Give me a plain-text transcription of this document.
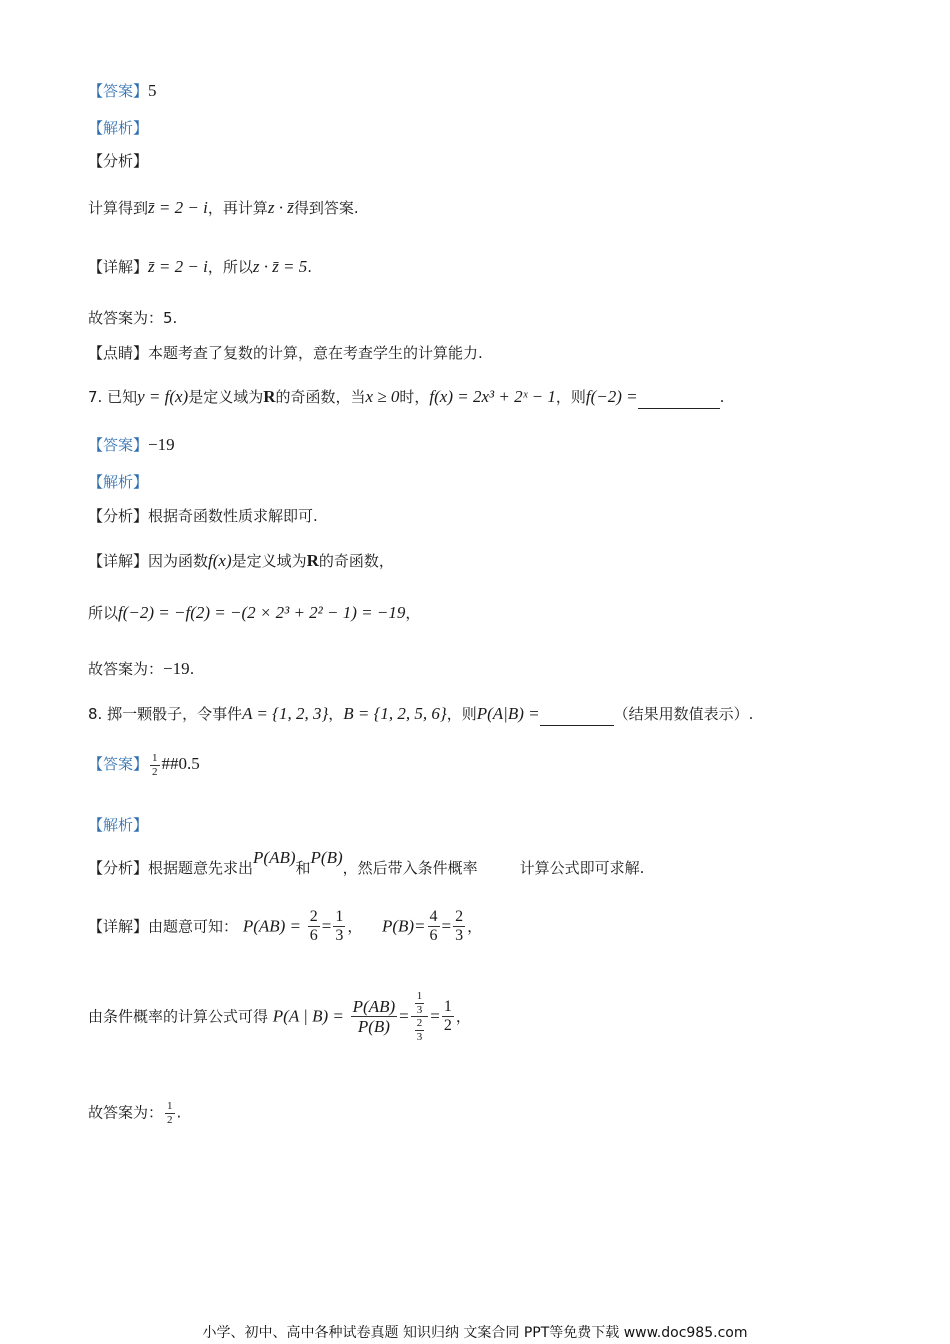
【答案】5
【解析】
【分析】
计算得到z̄ = 2 − i，再计算z · z̄得到答案.
【详解】z̄ = 2 − i，所以z · z̄ = 5.
故答案为：5.
【点睛】本题考查了复数的计算，意在考查学生的计算能力.
7. 已知y = f(x)是定义域为R的奇函数，当x ≥ 0时，f(x) = 2x³ + 2ˣ − 1，则f(−2) =	.
【答案】−19
【解析】
【分析】根据奇函数性质求解即可.
【详解】因为函数f(x)是定义域为R的奇函数，
所以f(−2) = −f(2) = −(2 × 2³ + 2² − 1) = −19，
故答案为：−19.
8. 掷一颗骰子，令事件A = {1, 2, 3}，B = {1, 2, 5, 6}，则P(A|B) =	（结果用数值表示）.
【答案】 $\frac{1}{2}$ ##0.5
【解析】
【分析】根据题意先求出P(AB)和P(B)，然后带入条件概率	计算公式即可求解.
【详解】由题意可知： $P(AB) = \frac{2}{6} = \frac{1}{3}$ ， $P(B)= \frac{4}{6} = \frac{2}{3}$ ，
由条件概率的计算公式可得 P(A | $B) = \frac{P(AB)}{P(B)} = \frac{\frac{1}{3}}{\frac{2}{3}} = \frac{1}{2}$ ，
故答案为： $\frac{1}{2}$ .
小学、初中、高中各种试卷真题 知识归纳 文案合同 PPT等免费下载 www.doc985.com
